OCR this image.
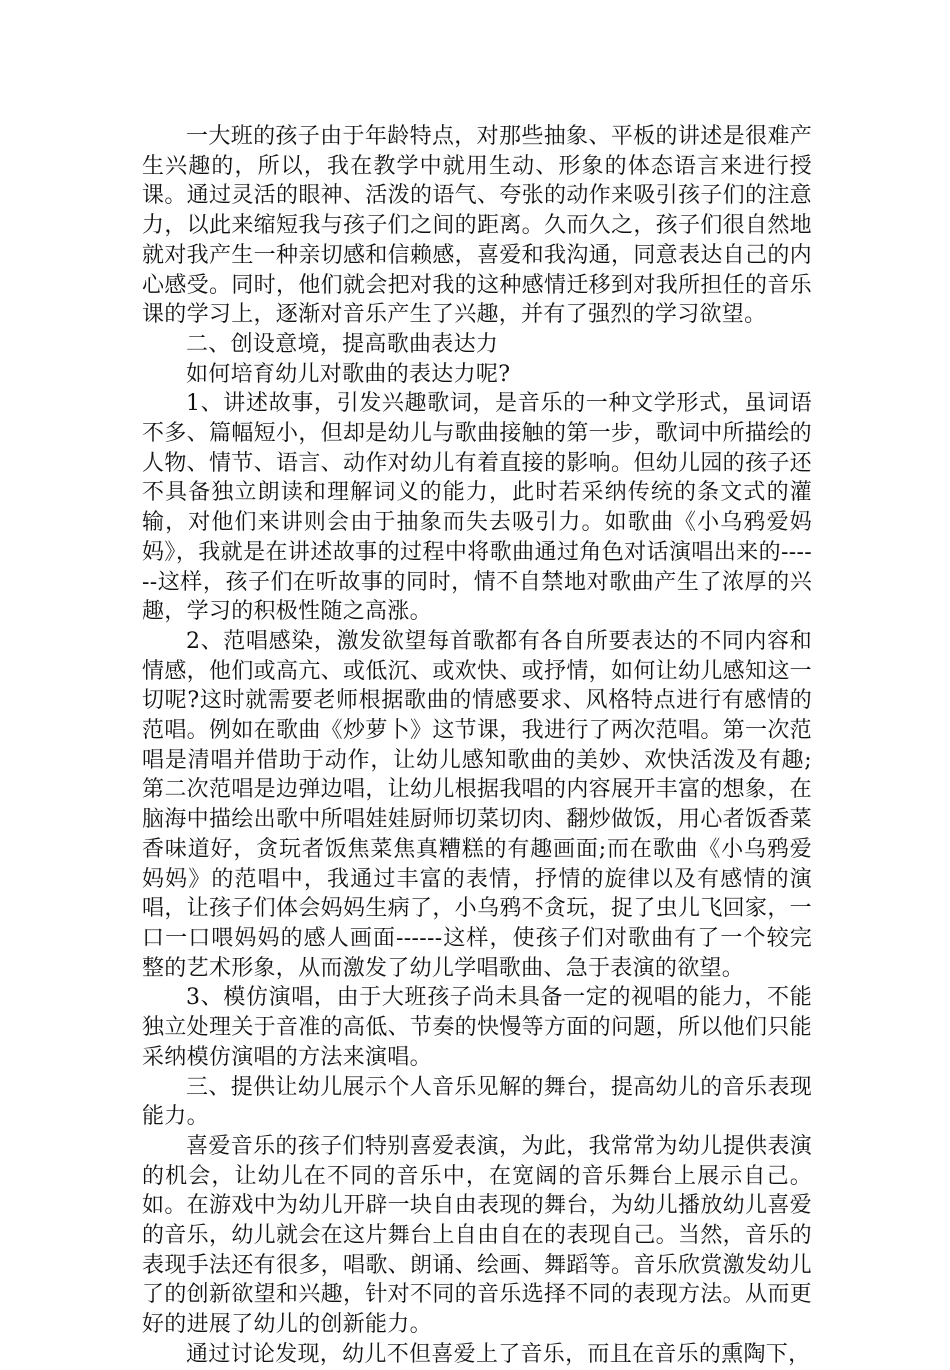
一大班的孩子由于年龄特点，对那些抽象、平板的讲述是很难产生兴趣的，所以，我在教学中就用生动、形象的体态语言来进行授课。通过灵活的眼神、活泼的语气、夸张的动作来吸引孩子们的注意力，以此来缩短我与孩子们之间的距离。久而久之，孩子们很自然地就对我产生一种亲切感和信赖感，喜爱和我沟通，同意表达自己的内心感受。同时，他们就会把对我的这种感情迁移到对我所担任的音乐课的学习上，逐渐对音乐产生了兴趣，并有了强烈的学习欲望。

二、创设意境，提高歌曲表达力

如何培育幼儿对歌曲的表达力呢?

1、讲述故事，引发兴趣歌词，是音乐的一种文学形式，虽词语不多、篇幅短小，但却是幼儿与歌曲接触的第一步，歌词中所描绘的人物、情节、语言、动作对幼儿有着直接的影响。但幼儿园的孩子还不具备独立朗读和理解词义的能力，此时若采纳传统的条文式的灌输，对他们来讲则会由于抽象而失去吸引力。如歌曲《小乌鸦爱妈妈》，我就是在讲述故事的过程中将歌曲通过角色对话演唱出来的------这样，孩子们在听故事的同时，情不自禁地对歌曲产生了浓厚的兴趣，学习的积极性随之高涨。

2、范唱感染，激发欲望每首歌都有各自所要表达的不同内容和情感，他们或高亢、或低沉、或欢快、或抒情，如何让幼儿感知这一切呢?这时就需要老师根据歌曲的情感要求、风格特点进行有感情的范唱。例如在歌曲《炒萝卜》这节课，我进行了两次范唱。第一次范唱是清唱并借助于动作，让幼儿感知歌曲的美妙、欢快活泼及有趣;第二次范唱是边弹边唱，让幼儿根据我唱的内容展开丰富的想象，在脑海中描绘出歌中所唱娃娃厨师切菜切肉、翻炒做饭，用心者饭香菜香味道好，贪玩者饭焦菜焦真糟糕的有趣画面;而在歌曲《小乌鸦爱妈妈》的范唱中，我通过丰富的表情，抒情的旋律以及有感情的演唱，让孩子们体会妈妈生病了，小乌鸦不贪玩，捉了虫儿飞回家，一口一口喂妈妈的感人画面------这样，使孩子们对歌曲有了一个较完整的艺术形象，从而激发了幼儿学唱歌曲、急于表演的欲望。

3、模仿演唱，由于大班孩子尚未具备一定的视唱的能力，不能独立处理关于音准的高低、节奏的快慢等方面的问题，所以他们只能采纳模仿演唱的方法来演唱。

三、提供让幼儿展示个人音乐见解的舞台，提高幼儿的音乐表现能力。

喜爱音乐的孩子们特别喜爱表演，为此，我常常为幼儿提供表演的机会，让幼儿在不同的音乐中，在宽阔的音乐舞台上展示自己。如。在游戏中为幼儿开辟一块自由表现的舞台，为幼儿播放幼儿喜爱的音乐，幼儿就会在这片舞台上自由自在的表现自己。当然，音乐的表现手法还有很多，唱歌、朗诵、绘画、舞蹈等。音乐欣赏激发幼儿了的创新欲望和兴趣，针对不同的音乐选择不同的表现方法。从而更好的进展了幼儿的创新能力。

通过讨论发现，幼儿不但喜爱上了音乐，而且在音乐的熏陶下，
